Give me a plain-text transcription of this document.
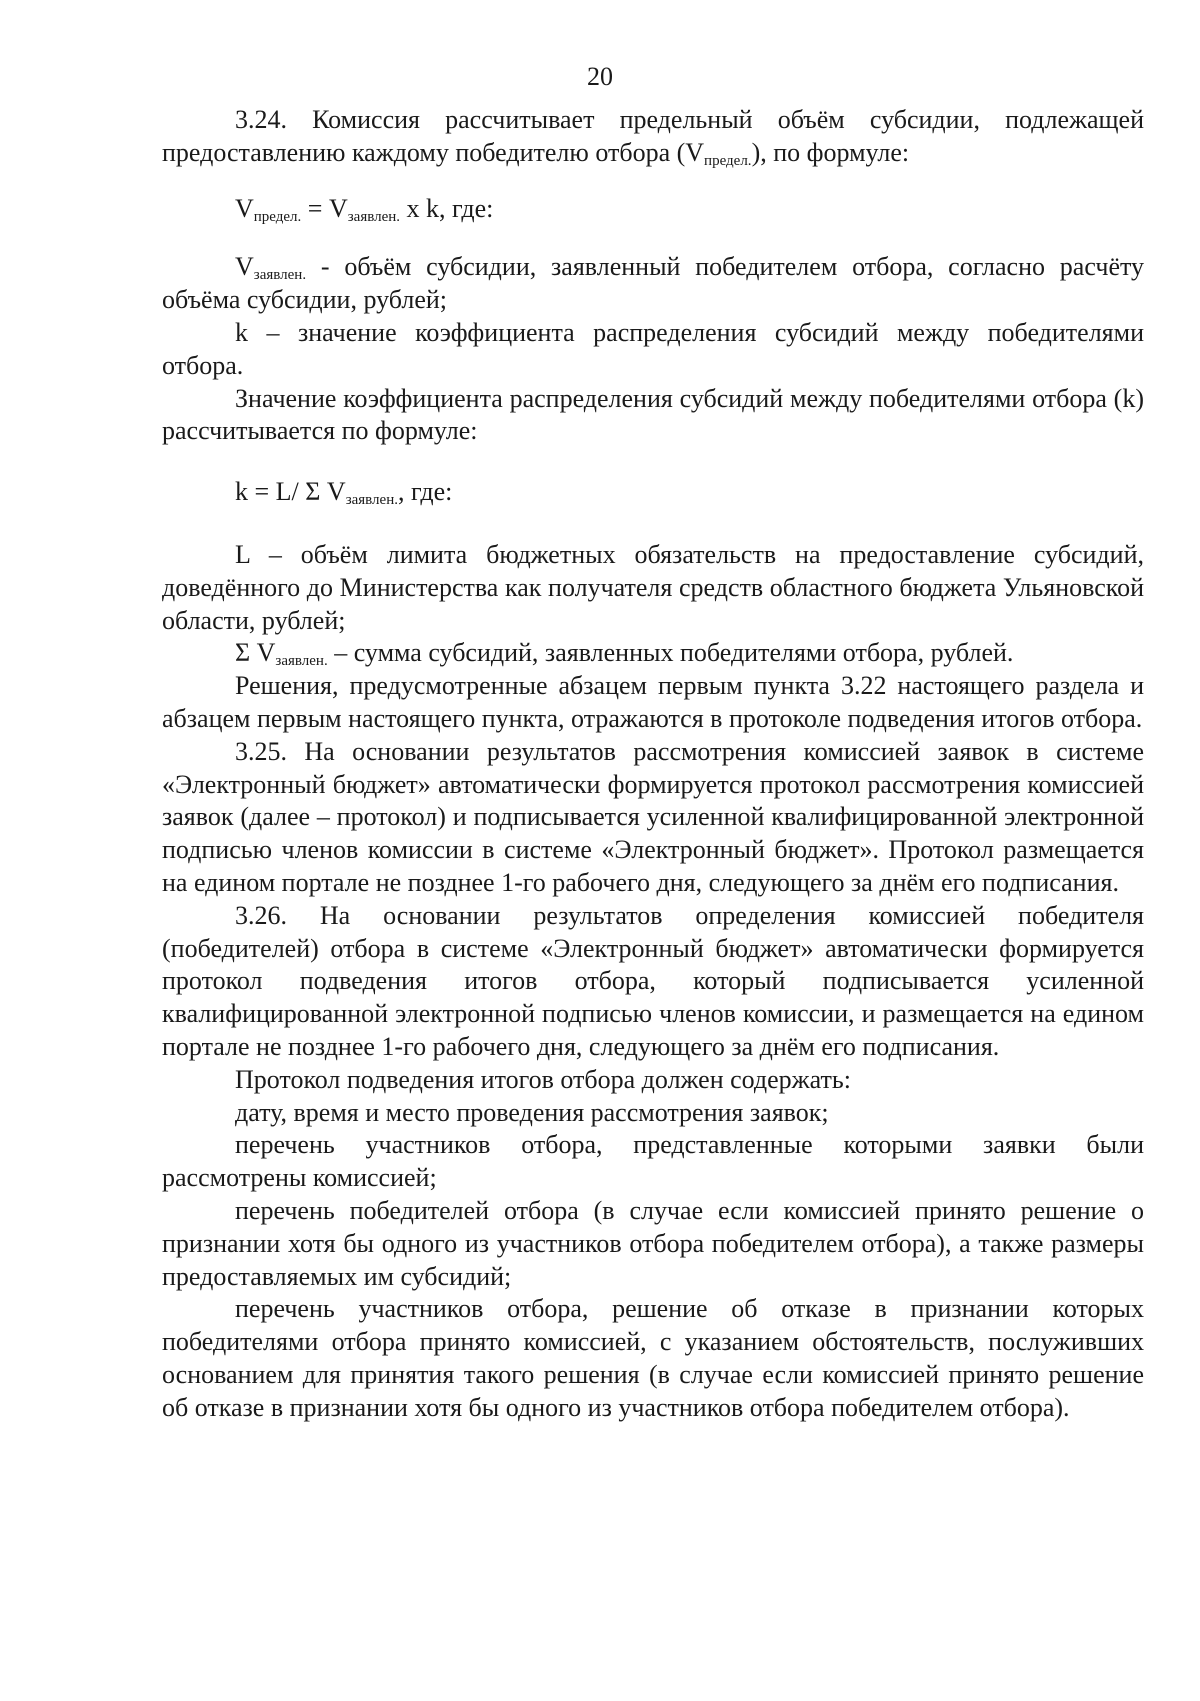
20

3.24. Комиссия рассчитывает предельный объём субсидии, подлежащей предоставлению каждому победителю отбора $(V_{предел.})$, по формуле:

$V_{предел.} = V_{заявлен.}$ x k, где:

$V_{заявлен.}$ - объём субсидии, заявленный победителем отбора, согласно расчёту объёма субсидии, рублей;

k – значение коэффициента распределения субсидий между победителями отбора.

Значение коэффициента распределения субсидий между победителями отбора (k) рассчитывается по формуле:

k = L/ Σ $V_{заявлен.}$, где:

L – объём лимита бюджетных обязательств на предоставление субсидий, доведённого до Министерства как получателя средств областного бюджета Ульяновской области, рублей;

Σ $V_{заявлен.}$ – сумма субсидий, заявленных победителями отбора, рублей.

Решения, предусмотренные абзацем первым пункта 3.22 настоящего раздела и абзацем первым настоящего пункта, отражаются в протоколе подведения итогов отбора.

3.25. На основании результатов рассмотрения комиссией заявок в системе «Электронный бюджет» автоматически формируется протокол рассмотрения комиссией заявок (далее – протокол) и подписывается усиленной квалифицированной электронной подписью членов комиссии в системе «Электронный бюджет». Протокол размещается на едином портале не позднее 1-го рабочего дня, следующего за днём его подписания.

3.26. На основании результатов определения комиссией победителя (победителей) отбора в системе «Электронный бюджет» автоматически формируется протокол подведения итогов отбора, который подписывается усиленной квалифицированной электронной подписью членов комиссии, и размещается на едином портале не позднее 1-го рабочего дня, следующего за днём его подписания.

Протокол подведения итогов отбора должен содержать:

дату, время и место проведения рассмотрения заявок;

перечень участников отбора, представленные которыми заявки были рассмотрены комиссией;

перечень победителей отбора (в случае если комиссией принято решение о признании хотя бы одного из участников отбора победителем отбора), а также размеры предоставляемых им субсидий;

перечень участников отбора, решение об отказе в признании которых победителями отбора принято комиссией, с указанием обстоятельств, послуживших основанием для принятия такого решения (в случае если комиссией принято решение об отказе в признании хотя бы одного из участников отбора победителем отбора).
